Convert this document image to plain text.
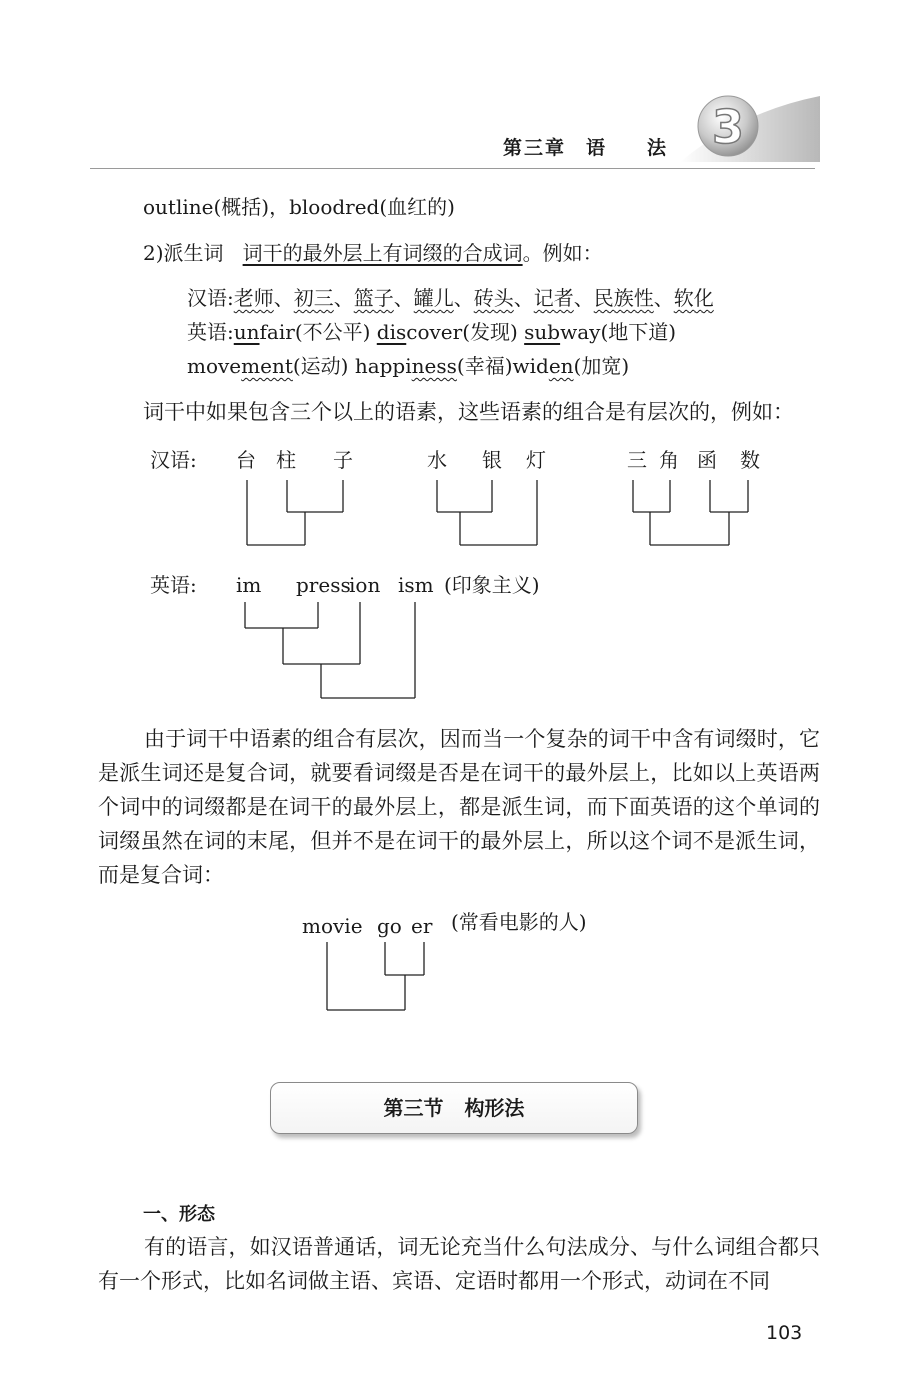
第三章 语 法 3
outline(概括)，bloodred(血红的)
2)派生词 词干的最外层上有词缀的合成词。例如：
汉语:老师、初三、篮子、罐儿、砖头、记者、民族性、软化
英语:unfair(不公平) discover(发现) subway(地下道)
movement(运动) happiness(幸福)widen(加宽)
词干中如果包含三个以上的语素，这些语素的组合是有层次的，例如：
汉语: 台 柱 子	水 银 灯	三 角 函 数
英语: im press
ion ism (印象主义)
由于词干中语素的组合有层次，因而当一个复杂的词干中含有词缀时，它是派生词还是复合词，就要看词缀是否是在词干的最外层上，比如以上英语两个词中的词缀都是在词干的最外层上，都是派生词，而下面英语的这个单词的词缀虽然在词的末尾，但并不是在词干的最外层上，所以这个词不是派生词，而是复合词：
movie go er (常看电影的人)
第三节 构形法
一、形态
有的语言，如汉语普通话，词无论充当什么句法成分、与什么词组合都只有一个形式，比如名词做主语、宾语、定语时都用一个形式，动词在不同
103
